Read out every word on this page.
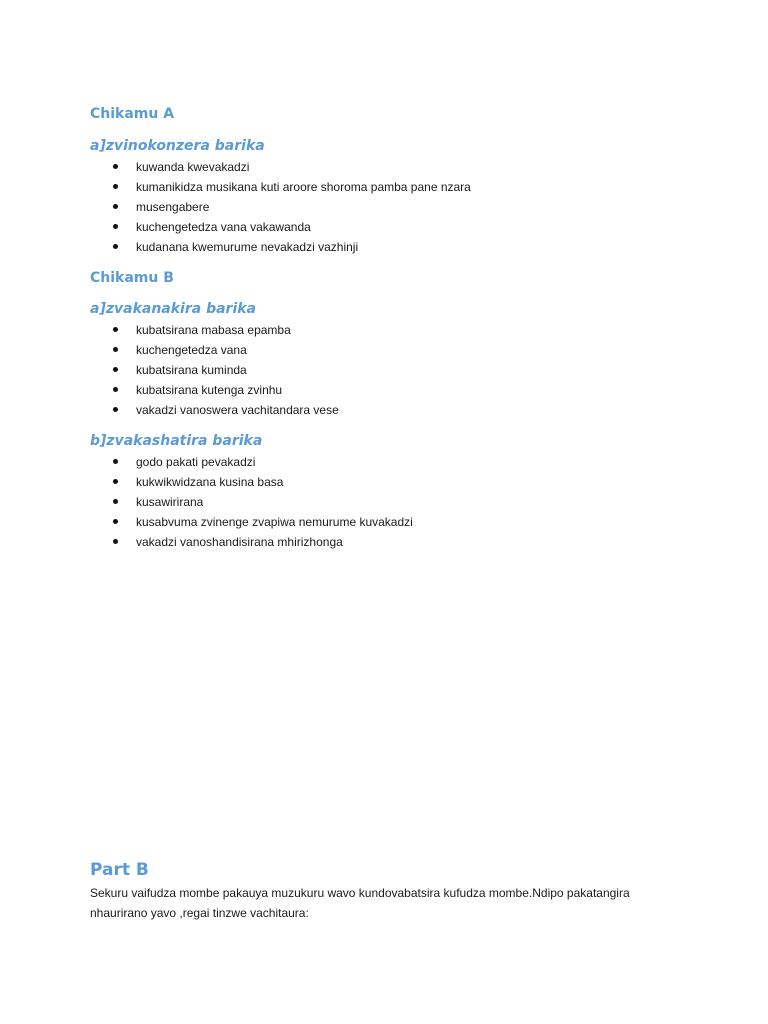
Chikamu A
a]zvinokonzera barika
kuwanda kwevakadzi
kumanikidza musikana kuti aroore shoroma pamba pane nzara
musengabere
kuchengetedza vana vakawanda
kudanana kwemurume nevakadzi vazhinji
Chikamu B
a]zvakanakira barika
kubatsirana mabasa epamba
kuchengetedza vana
kubatsirana kuminda
kubatsirana kutenga zvinhu
vakadzi vanoswera vachitandara vese
b]zvakashatira barika
godo pakati pevakadzi
kukwikwidzana kusina basa
kusawirirana
kusabvuma zvinenge zvapiwa nemurume kuvakadzi
vakadzi vanoshandisirana mhirizhonga
Part B

Sekuru vaifudza mombe pakauya muzukuru wavo kundovabatsira kufudza mombe.Ndipo pakatangira

nhaurirano yavo ,regai tinzwe vachitaura:
